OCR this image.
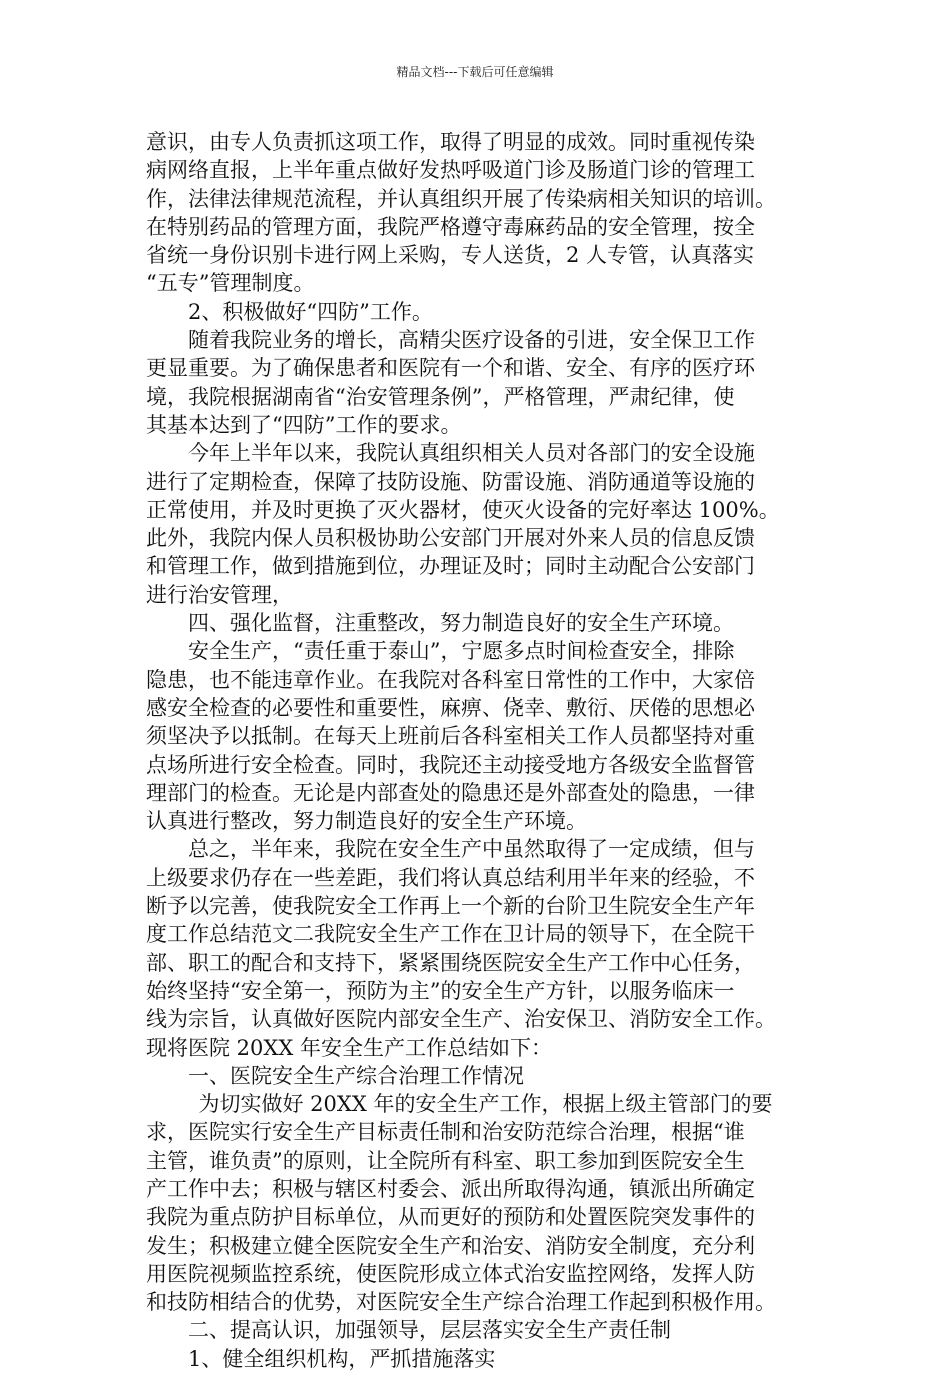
精品文档---下载后可任意编辑
意识，由专人负责抓这项工作，取得了明显的成效。同时重视传染
病网络直报，上半年重点做好发热呼吸道门诊及肠道门诊的管理工
作，法律法律规范流程，并认真组织开展了传染病相关知识的培训。
在特别药品的管理方面，我院严格遵守毒麻药品的安全管理，按全
省统一身份识别卡进行网上采购，专人送货，2 人专管，认真落实
“五专”管理制度。
2、积极做好“四防”工作。
随着我院业务的增长，高精尖医疗设备的引进，安全保卫工作
更显重要。为了确保患者和医院有一个和谐、安全、有序的医疗环
境，我院根据湖南省“治安管理条例”，严格管理，严肃纪律，使
其基本达到了“四防”工作的要求。
今年上半年以来，我院认真组织相关人员对各部门的安全设施
进行了定期检查，保障了技防设施、防雷设施、消防通道等设施的
正常使用，并及时更换了灭火器材，使灭火设备的完好率达 100%。
此外，我院内保人员积极协助公安部门开展对外来人员的信息反馈
和管理工作，做到措施到位，办理证及时；同时主动配合公安部门
进行治安管理，
四、强化监督，注重整改，努力制造良好的安全生产环境。
安全生产，“责任重于泰山”，宁愿多点时间检查安全，排除
隐患，也不能违章作业。在我院对各科室日常性的工作中，大家倍
感安全检查的必要性和重要性，麻痹、侥幸、敷衍、厌倦的思想必
须坚决予以抵制。在每天上班前后各科室相关工作人员都坚持对重
点场所进行安全检查。同时，我院还主动接受地方各级安全监督管
理部门的检查。无论是内部查处的隐患还是外部查处的隐患，一律
认真进行整改，努力制造良好的安全生产环境。
总之，半年来，我院在安全生产中虽然取得了一定成绩，但与
上级要求仍存在一些差距，我们将认真总结利用半年来的经验，不
断予以完善，使我院安全工作再上一个新的台阶卫生院安全生产年
度工作总结范文二我院安全生产工作在卫计局的领导下，在全院干
部、职工的配合和支持下，紧紧围绕医院安全生产工作中心任务，
始终坚持“安全第一，预防为主”的安全生产方针，以服务临床一
线为宗旨，认真做好医院内部安全生产、治安保卫、消防安全工作。
现将医院 20XX 年安全生产工作总结如下：
一、医院安全生产综合治理工作情况
为切实做好 20XX 年的安全生产工作，根据上级主管部门的要
求，医院实行安全生产目标责任制和治安防范综合治理，根据“谁
主管，谁负责”的原则，让全院所有科室、职工参加到医院安全生
产工作中去；积极与辖区村委会、派出所取得沟通，镇派出所确定
我院为重点防护目标单位，从而更好的预防和处置医院突发事件的
发生；积极建立健全医院安全生产和治安、消防安全制度，充分利
用医院视频监控系统，使医院形成立体式治安监控网络，发挥人防
和技防相结合的优势，对医院安全生产综合治理工作起到积极作用。
二、提高认识，加强领导，层层落实安全生产责任制
1、健全组织机构，严抓措施落实
